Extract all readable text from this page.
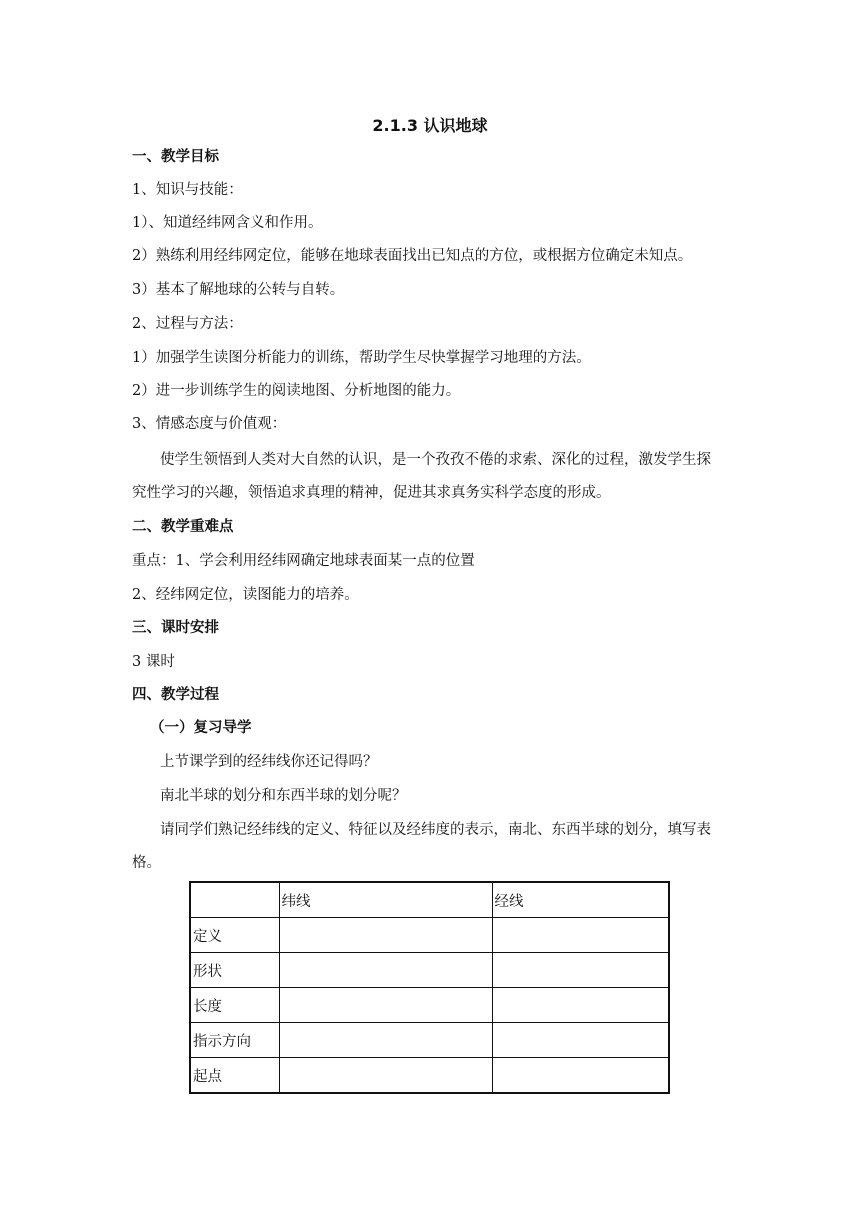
2.1.3 认识地球
一、教学目标
1、知识与技能：
1）、知道经纬网含义和作用。
2）熟练利用经纬网定位，能够在地球表面找出已知点的方位，或根据方位确定未知点。
3）基本了解地球的公转与自转。
2、过程与方法：
1）加强学生读图分析能力的训练，帮助学生尽快掌握学习地理的方法。
2）进一步训练学生的阅读地图、分析地图的能力。
3、情感态度与价值观：
使学生领悟到人类对大自然的认识，是一个孜孜不倦的求索、深化的过程，激发学生探
究性学习的兴趣，领悟追求真理的精神，促进其求真务实科学态度的形成。
二、教学重难点
重点：1、学会利用经纬网确定地球表面某一点的位置
2、经纬网定位，读图能力的培养。
三、课时安排
3 课时
四、教学过程
（一）复习导学
上节课学到的经纬线你还记得吗？
南北半球的划分和东西半球的划分呢？
请同学们熟记经纬线的定义、特征以及经纬度的表示，南北、东西半球的划分，填写表
格。
	纬线	经线
定义		
形状		
长度		
指示方向		
起点		
